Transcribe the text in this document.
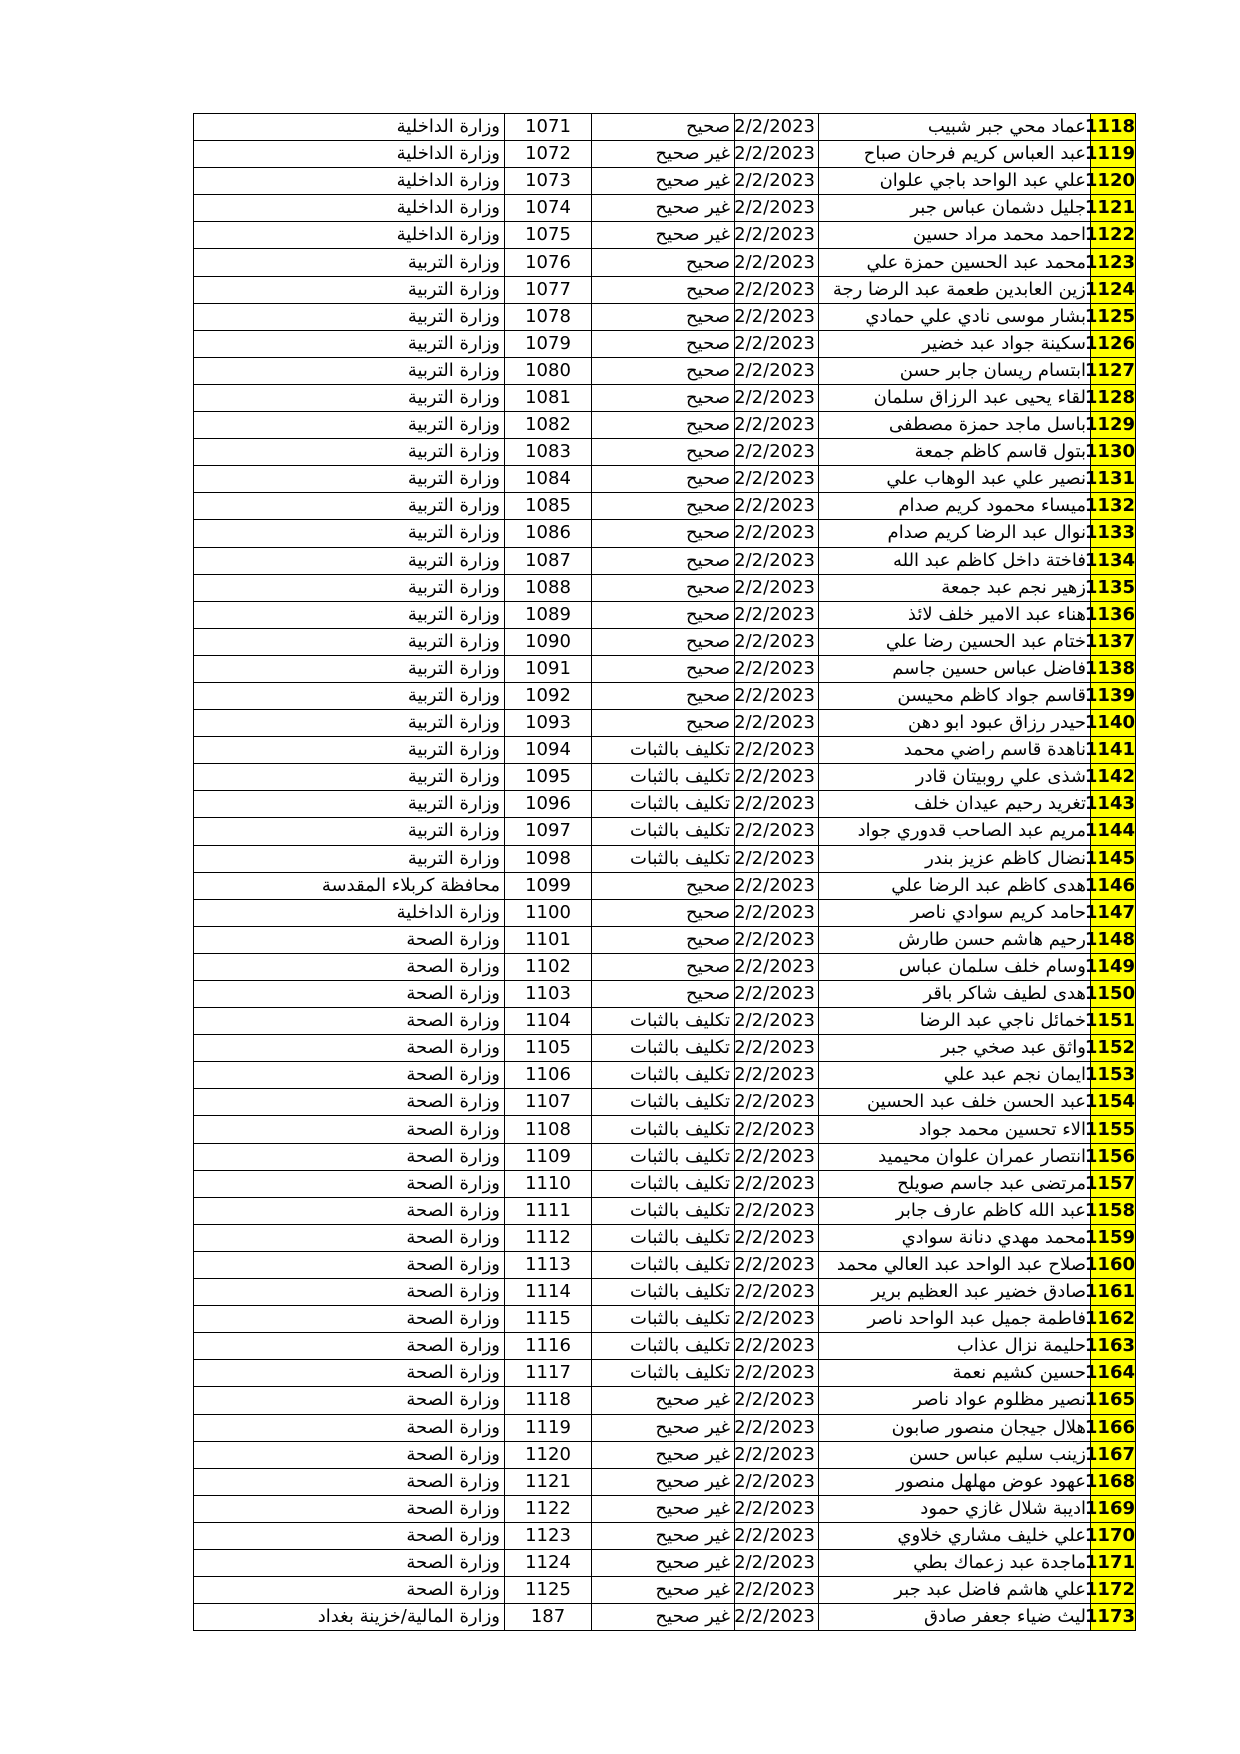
1118	عماد محي جبر شبيب	2/2/2023	صحيح	1071	وزارة الداخلية
1119	عبد العباس كريم فرحان صباح	2/2/2023	غير صحيح	1072	وزارة الداخلية
1120	علي عبد الواحد باجي علوان	2/2/2023	غير صحيح	1073	وزارة الداخلية
1121	جليل دشمان عباس جبر	2/2/2023	غير صحيح	1074	وزارة الداخلية
1122	احمد محمد مراد حسين	2/2/2023	غير صحيح	1075	وزارة الداخلية
1123	محمد عبد الحسين حمزة علي	2/2/2023	صحيح	1076	وزارة التربية
1124	زين العابدين طعمة عبد الرضا رجة	2/2/2023	صحيح	1077	وزارة التربية
1125	بشار موسى نادي علي حمادي	2/2/2023	صحيح	1078	وزارة التربية
1126	سكينة جواد عبد خضير	2/2/2023	صحيح	1079	وزارة التربية
1127	ابتسام ريسان جابر حسن	2/2/2023	صحيح	1080	وزارة التربية
1128	لقاء يحيى عبد الرزاق سلمان	2/2/2023	صحيح	1081	وزارة التربية
1129	باسل ماجد حمزة مصطفى	2/2/2023	صحيح	1082	وزارة التربية
1130	بتول قاسم كاظم جمعة	2/2/2023	صحيح	1083	وزارة التربية
1131	نصير علي عبد الوهاب علي	2/2/2023	صحيح	1084	وزارة التربية
1132	ميساء محمود كريم صدام	2/2/2023	صحيح	1085	وزارة التربية
1133	نوال عبد الرضا كريم صدام	2/2/2023	صحيح	1086	وزارة التربية
1134	فاختة داخل كاظم عبد الله	2/2/2023	صحيح	1087	وزارة التربية
1135	زهير نجم عبد جمعة	2/2/2023	صحيح	1088	وزارة التربية
1136	هناء عبد الامير خلف لائذ	2/2/2023	صحيح	1089	وزارة التربية
1137	ختام عبد الحسين رضا علي	2/2/2023	صحيح	1090	وزارة التربية
1138	فاضل عباس حسين جاسم	2/2/2023	صحيح	1091	وزارة التربية
1139	قاسم جواد كاظم محيسن	2/2/2023	صحيح	1092	وزارة التربية
1140	حيدر رزاق عبود ابو دهن	2/2/2023	صحيح	1093	وزارة التربية
1141	ناهدة قاسم راضي محمد	2/2/2023	تكليف بالثبات	1094	وزارة التربية
1142	شذى علي روبيتان قادر	2/2/2023	تكليف بالثبات	1095	وزارة التربية
1143	تغريد رحيم عيدان خلف	2/2/2023	تكليف بالثبات	1096	وزارة التربية
1144	مريم عبد الصاحب قدوري جواد	2/2/2023	تكليف بالثبات	1097	وزارة التربية
1145	نضال كاظم عزيز بندر	2/2/2023	تكليف بالثبات	1098	وزارة التربية
1146	هدى كاظم عبد الرضا علي	2/2/2023	صحيح	1099	محافظة كربلاء المقدسة
1147	حامد كريم سوادي ناصر	2/2/2023	صحيح	1100	وزارة الداخلية
1148	رحيم هاشم حسن طارش	2/2/2023	صحيح	1101	وزارة الصحة
1149	وسام خلف سلمان عباس	2/2/2023	صحيح	1102	وزارة الصحة
1150	هدى لطيف شاكر باقر	2/2/2023	صحيح	1103	وزارة الصحة
1151	خمائل ناجي عبد الرضا	2/2/2023	تكليف بالثبات	1104	وزارة الصحة
1152	واثق عبد صخي جبر	2/2/2023	تكليف بالثبات	1105	وزارة الصحة
1153	ايمان نجم عبد علي	2/2/2023	تكليف بالثبات	1106	وزارة الصحة
1154	عبد الحسن خلف عبد الحسين	2/2/2023	تكليف بالثبات	1107	وزارة الصحة
1155	الاء تحسين محمد جواد	2/2/2023	تكليف بالثبات	1108	وزارة الصحة
1156	انتصار عمران علوان محيميد	2/2/2023	تكليف بالثبات	1109	وزارة الصحة
1157	مرتضى عبد جاسم صويلح	2/2/2023	تكليف بالثبات	1110	وزارة الصحة
1158	عبد الله كاظم عارف جابر	2/2/2023	تكليف بالثبات	1111	وزارة الصحة
1159	محمد مهدي دنانة سوادي	2/2/2023	تكليف بالثبات	1112	وزارة الصحة
1160	صلاح عبد الواحد عبد العالي محمد	2/2/2023	تكليف بالثبات	1113	وزارة الصحة
1161	صادق خضير عبد العظيم برير	2/2/2023	تكليف بالثبات	1114	وزارة الصحة
1162	فاطمة جميل عبد الواحد ناصر	2/2/2023	تكليف بالثبات	1115	وزارة الصحة
1163	حليمة نزال عذاب	2/2/2023	تكليف بالثبات	1116	وزارة الصحة
1164	حسين كشيم نعمة	2/2/2023	تكليف بالثبات	1117	وزارة الصحة
1165	نصير مظلوم عواد ناصر	2/2/2023	غير صحيح	1118	وزارة الصحة
1166	هلال جيجان منصور صابون	2/2/2023	غير صحيح	1119	وزارة الصحة
1167	زينب سليم عباس حسن	2/2/2023	غير صحيح	1120	وزارة الصحة
1168	عهود عوض مهلهل منصور	2/2/2023	غير صحيح	1121	وزارة الصحة
1169	اديبة شلال غازي حمود	2/2/2023	غير صحيح	1122	وزارة الصحة
1170	علي خليف مشاري خلاوي	2/2/2023	غير صحيح	1123	وزارة الصحة
1171	ماجدة عبد زعماك بطي	2/2/2023	غير صحيح	1124	وزارة الصحة
1172	علي هاشم فاضل عبد جبر	2/2/2023	غير صحيح	1125	وزارة الصحة
1173	ليث ضياء جعفر صادق	2/2/2023	غير صحيح	187	وزارة المالية/خزينة بغداد
